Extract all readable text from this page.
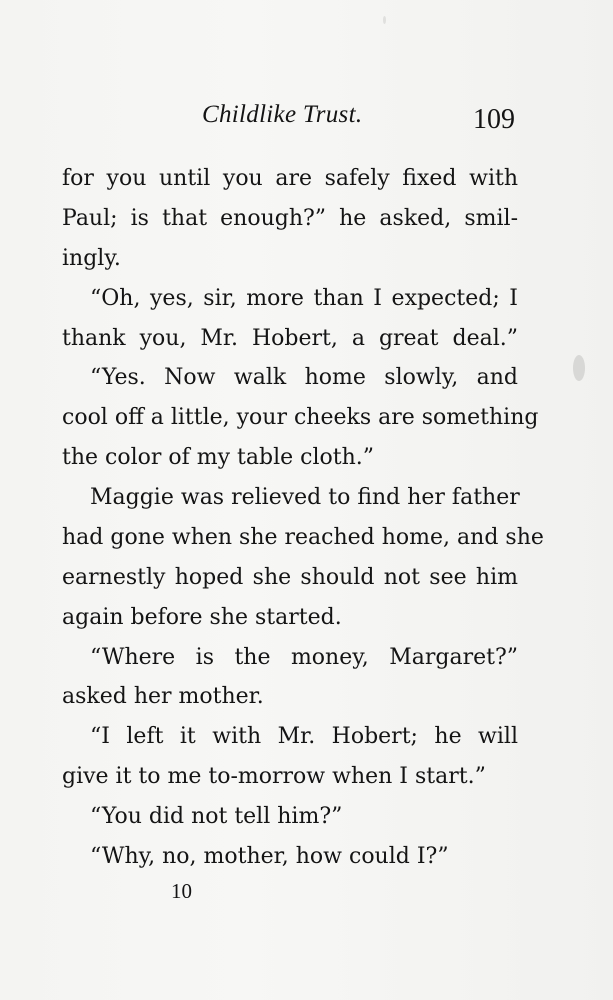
Childlike Trust.	109
for you until you are safely fixed with
Paul; is that enough?” he asked, smil-
ingly.
“Oh, yes, sir, more than I expected; I
thank you, Mr. Hobert, a great deal.”
“Yes. Now walk home slowly, and
cool off a little, your cheeks are something
the color of my table cloth.”
Maggie was relieved to find her father
had gone when she reached home, and she
earnestly hoped she should not see him
again before she started.
“Where is the money, Margaret?”
asked her mother.
“I left it with Mr. Hobert; he will
give it to me to-morrow when I start.”
“You did not tell him?”
“Why, no, mother, how could I?”
10
